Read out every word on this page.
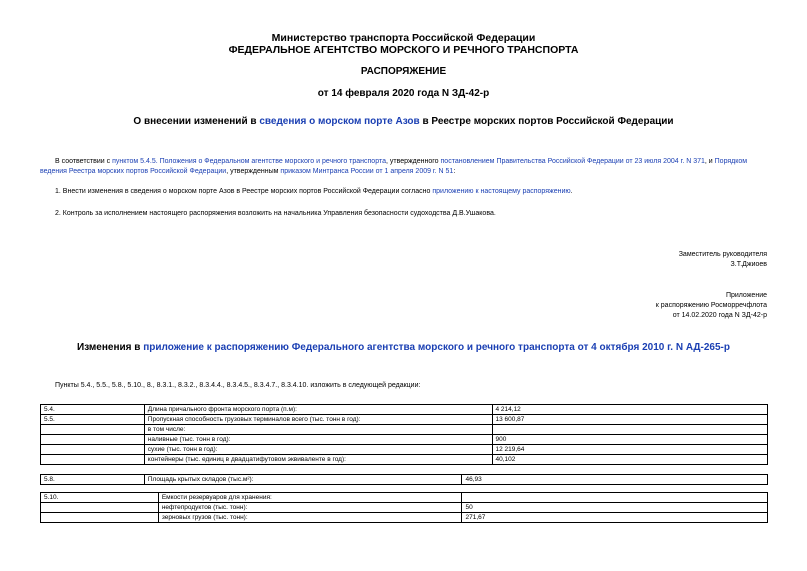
Министерство транспорта Российской Федерации
ФЕДЕРАЛЬНОЕ АГЕНТСТВО МОРСКОГО И РЕЧНОГО ТРАНСПОРТА
РАСПОРЯЖЕНИЕ
от 14 февраля 2020 года N ЗД-42-р
О внесении изменений в сведения о морском порте Азов в Реестре морских портов Российской Федерации
В соответствии с пунктом 5.4.5. Положения о Федеральном агентстве морского и речного транспорта, утвержденного постановлением Правительства Российской Федерации от 23 июля 2004 г. N 371, и Порядком ведения Реестра морских портов Российской Федерации, утвержденным приказом Минтранса России от 1 апреля 2009 г. N 51:
1. Внести изменения в сведения о морском порте Азов в Реестре морских портов Российской Федерации согласно приложению к настоящему распоряжению.
2. Контроль за исполнением настоящего распоряжения возложить на начальника Управления безопасности судоходства Д.В.Ушакова.
Заместитель руководителя
З.Т.Джиоев
Приложение
к распоряжению Росморречфлота
от 14.02.2020 года N ЗД-42-р
Изменения в приложение к распоряжению Федерального агентства морского и речного транспорта от 4 октября 2010 г. N АД-265-р
Пункты 5.4., 5.5., 5.8., 5.10., 8., 8.3.1., 8.3.2., 8.3.4.4., 8.3.4.5., 8.3.4.7., 8.3.4.10. изложить в следующей редакции:
5.4.	Длина причального фронта морского порта (п.м):	4 214,12
5.5.	Пропускная способность грузовых терминалов всего (тыс. тонн в год):	13 600,87
	в том числе:	
	наливные (тыс. тонн в год):	900
	сухие (тыс. тонн в год):	12 219,64
	контейнеры (тыс. единиц в двадцатифутовом эквиваленте в год):	40,102
5.8.	Площадь крытых складов (тыс.м²):	46,93
5.10.	Емкости резервуаров для хранения:	
	нефтепродуктов (тыс. тонн):	50
	зерновых грузов (тыс. тонн):	271,67
